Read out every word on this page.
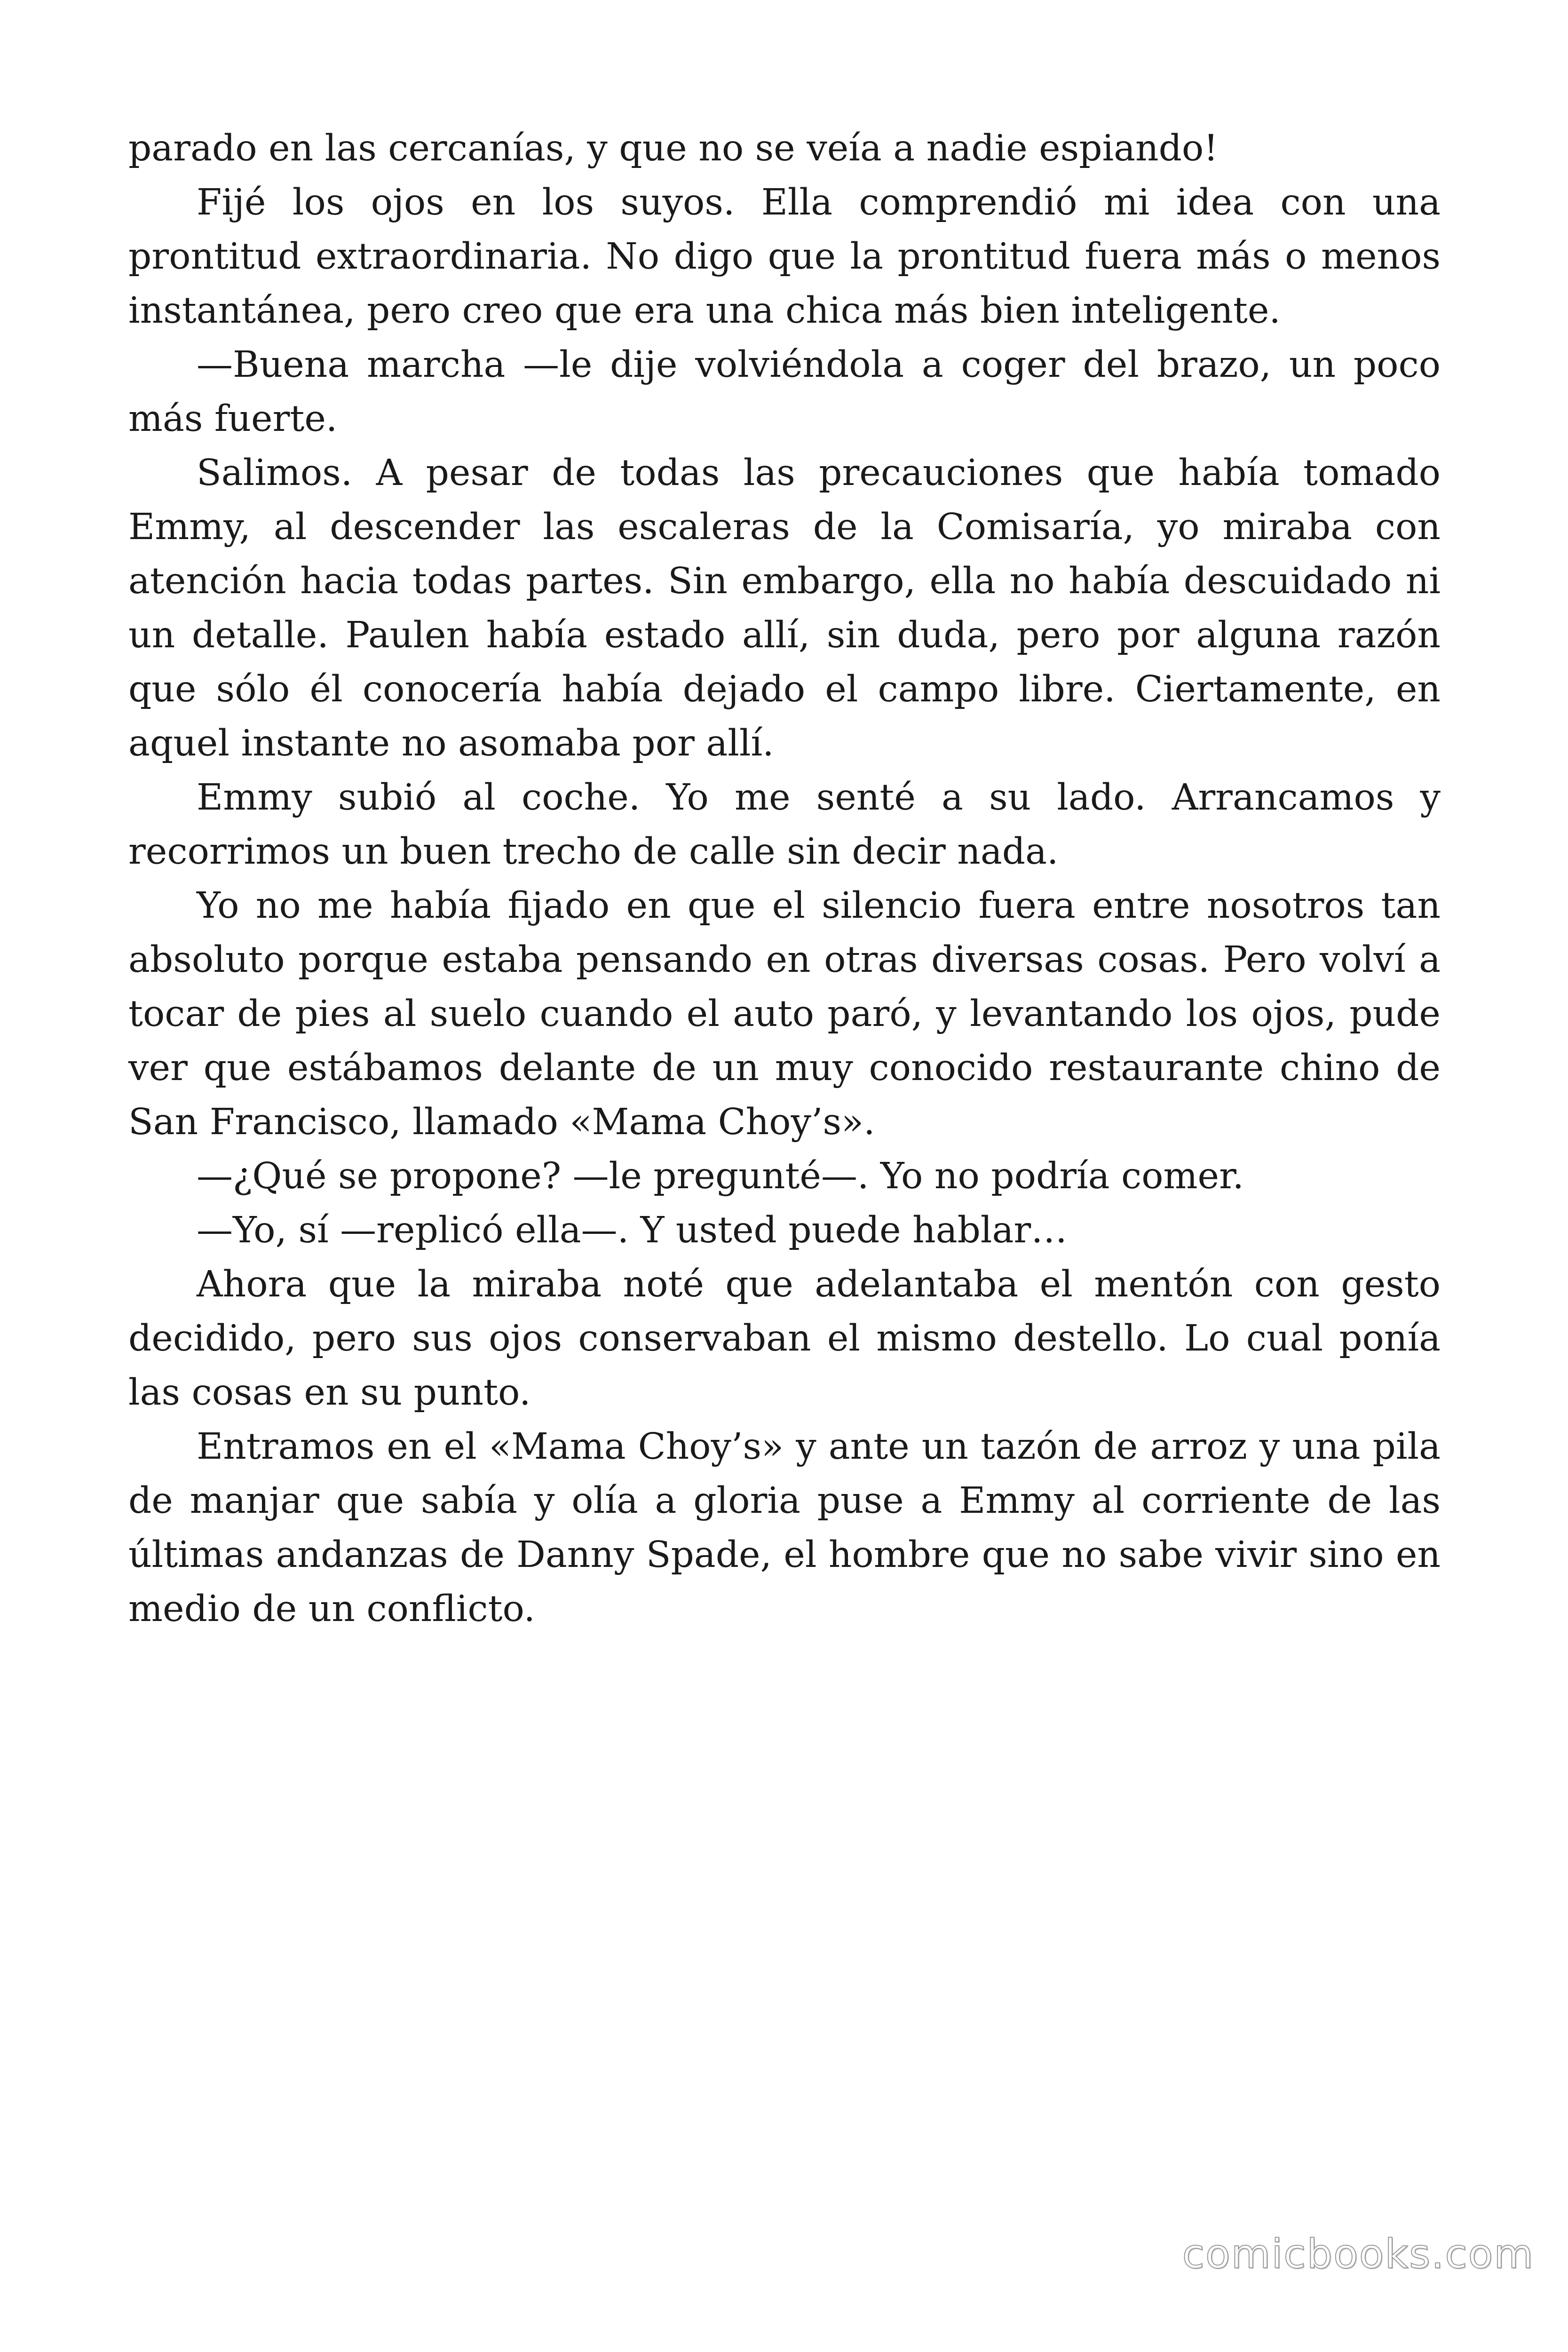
parado en las cercanías, y que no se veía a nadie espiando!

Fijé los ojos en los suyos. Ella comprendió mi idea con una prontitud extraordinaria. No digo que la prontitud fuera más o menos instantánea, pero creo que era una chica más bien inteligente.

—Buena marcha —le dije volviéndola a coger del brazo, un poco más fuerte.

Salimos. A pesar de todas las precauciones que había tomado Emmy, al descender las escaleras de la Comisaría, yo miraba con atención hacia todas partes. Sin embargo, ella no había descuidado ni un detalle. Paulen había estado allí, sin duda, pero por alguna razón que sólo él conocería había dejado el campo libre. Ciertamente, en aquel instante no asomaba por allí.

Emmy subió al coche. Yo me senté a su lado. Arrancamos y recorrimos un buen trecho de calle sin decir nada.

Yo no me había fijado en que el silencio fuera entre nosotros tan absoluto porque estaba pensando en otras diversas cosas. Pero volví a tocar de pies al suelo cuando el auto paró, y levantando los ojos, pude ver que estábamos delante de un muy conocido restaurante chino de San Francisco, llamado «Mama Choy’s».

—¿Qué se propone? —le pregunté—. Yo no podría comer.

—Yo, sí —replicó ella—. Y usted puede hablar…

Ahora que la miraba noté que adelantaba el mentón con gesto decidido, pero sus ojos conservaban el mismo destello. Lo cual ponía las cosas en su punto.

Entramos en el «Mama Choy’s» y ante un tazón de arroz y una pila de manjar que sabía y olía a gloria puse a Emmy al corriente de las últimas andanzas de Danny Spade, el hombre que no sabe vivir sino en medio de un conflicto.

comicbooks.com
